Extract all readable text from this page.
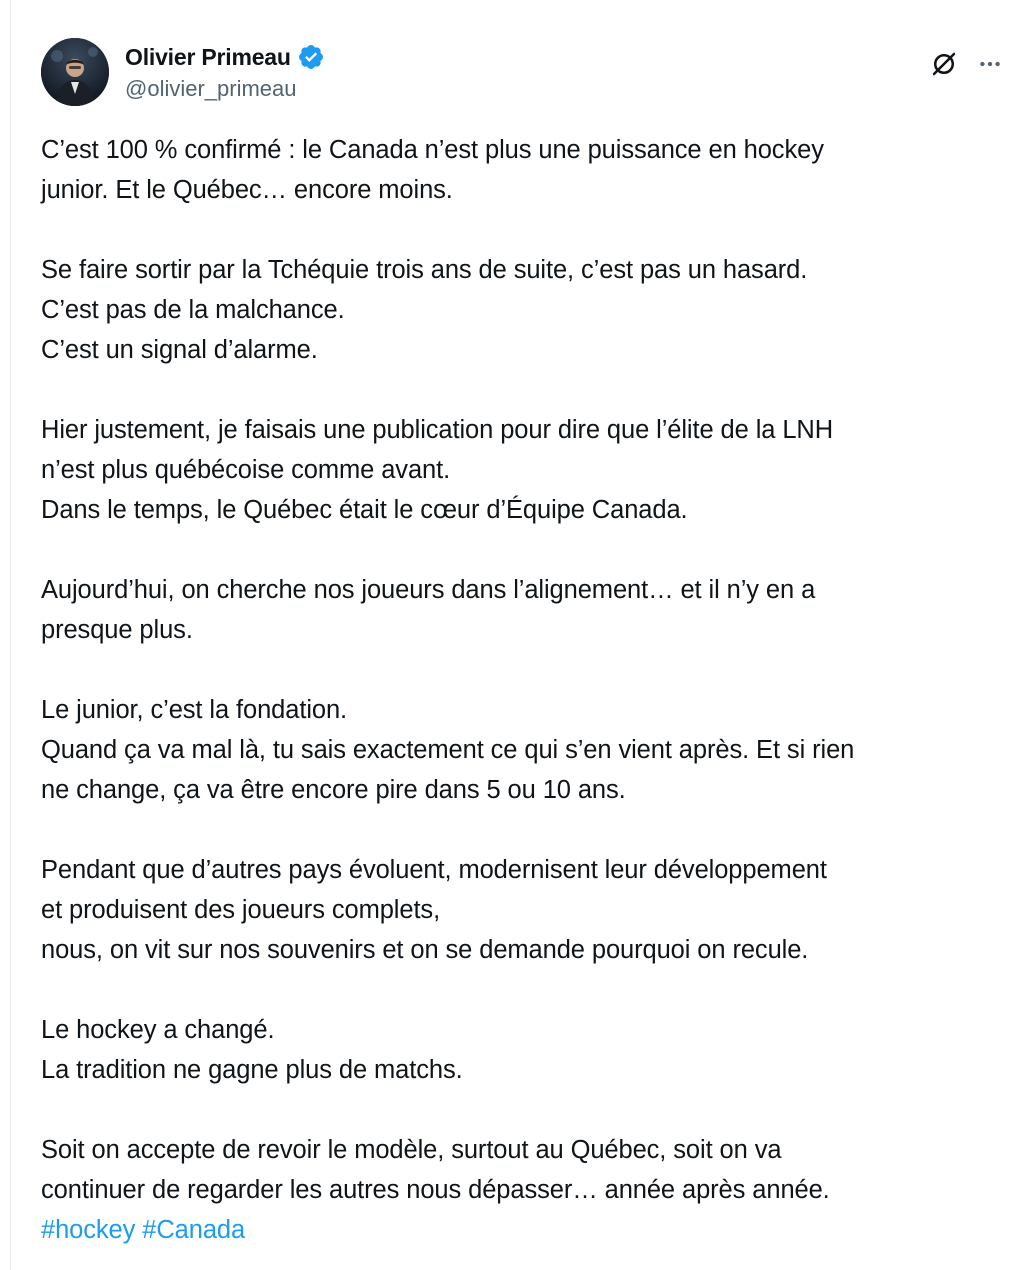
Olivier Primeau
@olivier_primeau

C’est 100 % confirmé : le Canada n’est plus une puissance en hockey

junior. Et le Québec… encore moins.

Se faire sortir par la Tchéquie trois ans de suite, c’est pas un hasard.

C’est pas de la malchance.

C’est un signal d’alarme.

Hier justement, je faisais une publication pour dire que l’élite de la LNH

n’est plus québécoise comme avant.

Dans le temps, le Québec était le cœur d’Équipe Canada.

Aujourd’hui, on cherche nos joueurs dans l’alignement… et il n’y en a

presque plus.

Le junior, c’est la fondation.

Quand ça va mal là, tu sais exactement ce qui s’en vient après. Et si rien

ne change, ça va être encore pire dans 5 ou 10 ans.

Pendant que d’autres pays évoluent, modernisent leur développement

et produisent des joueurs complets,

nous, on vit sur nos souvenirs et on se demande pourquoi on recule.

Le hockey a changé.

La tradition ne gagne plus de matchs.

Soit on accepte de revoir le modèle, surtout au Québec, soit on va

continuer de regarder les autres nous dépasser… année après année.

#hockey #Canada
